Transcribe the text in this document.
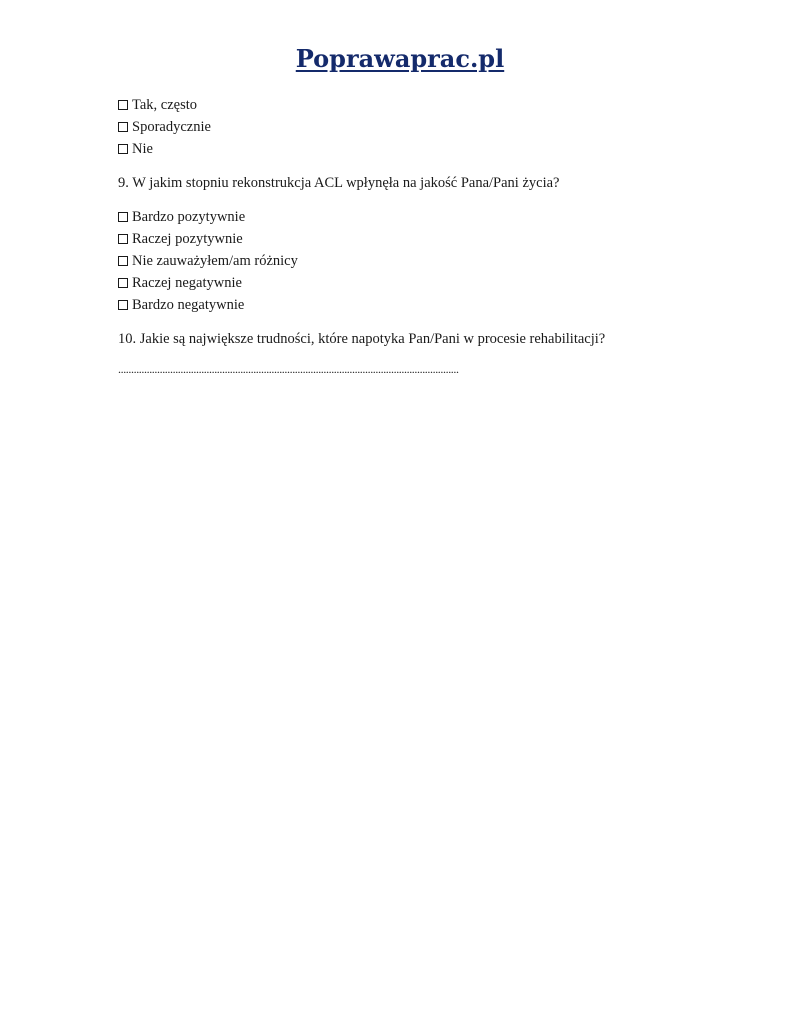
Poprawaprac.pl
Tak, często
Sporadycznie
Nie
9. W jakim stopniu rekonstrukcja ACL wpłynęła na jakość Pana/Pani życia?
Bardzo pozytywnie
Raczej pozytywnie
Nie zauważyłem/am różnicy
Raczej negatywnie
Bardzo negatywnie
10. Jakie są największe trudności, które napotyka Pan/Pani w procesie rehabilitacji?
...................................................................................................................................
